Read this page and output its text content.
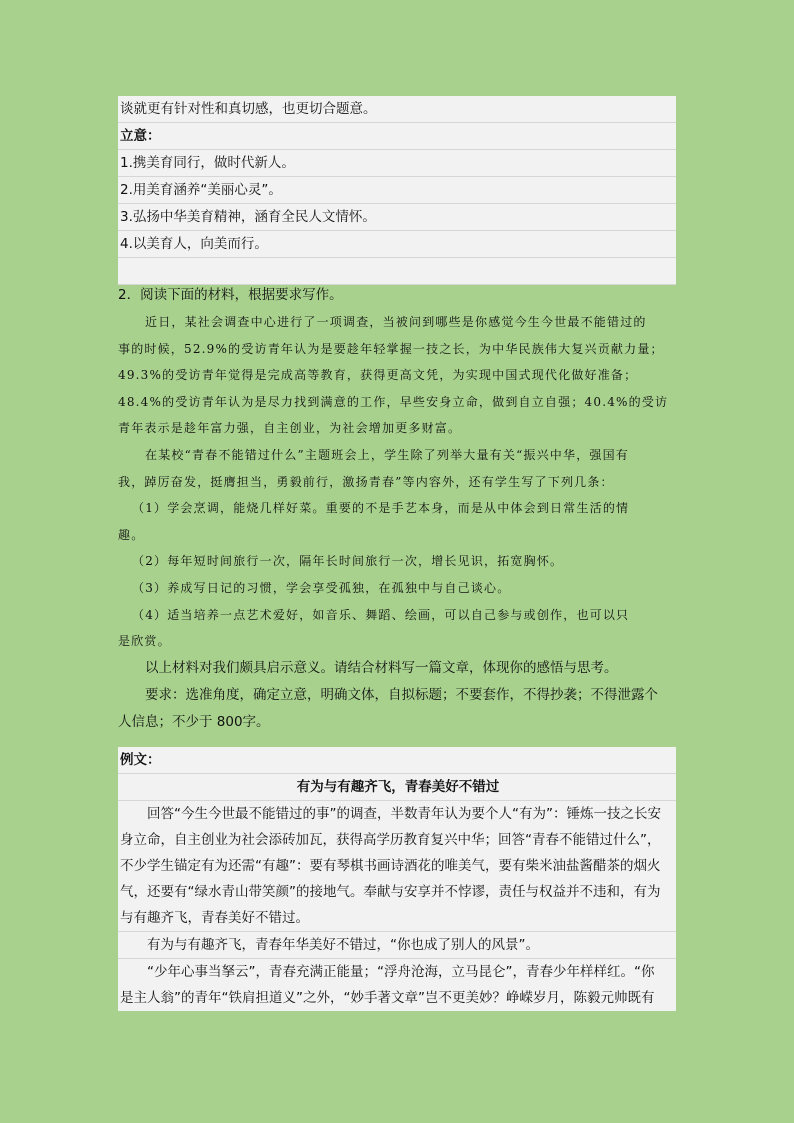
谈就更有针对性和真切感，也更切合题意。
立意：
1.携美育同行，做时代新人。
2.用美育涵养“美丽心灵”。
3.弘扬中华美育精神，涵育全民人文情怀。
4.以美育人，向美而行。
2．阅读下面的材料，根据要求写作。

近日，某社会调查中心进行了一项调查，当被问到哪些是你感觉今生今世最不能错过的

事的时候，52.9%的受访青年认为是要趁年轻掌握一技之长，为中华民族伟大复兴贡献力量；

49.3%的受访青年觉得是完成高等教育，获得更高文凭，为实现中国式现代化做好准备；

48.4%的受访青年认为是尽力找到满意的工作，早些安身立命，做到自立自强；40.4%的受访

青年表示是趁年富力强，自主创业，为社会增加更多财富。

在某校“青春不能错过什么”主题班会上，学生除了列举大量有关“振兴中华，强国有

我，踔厉奋发，挺膺担当，勇毅前行，激扬青春”等内容外，还有学生写了下列几条：

（1）学会烹调，能烧几样好菜。重要的不是手艺本身，而是从中体会到日常生活的情

趣。

（2）每年短时间旅行一次，隔年长时间旅行一次，增长见识，拓宽胸怀。

（3）养成写日记的习惯，学会享受孤独，在孤独中与自己谈心。

（4）适当培养一点艺术爱好，如音乐、舞蹈、绘画，可以自己参与或创作，也可以只

是欣赏。

以上材料对我们颇具启示意义。请结合材料写一篇文章，体现你的感悟与思考。

要求：选准角度，确定立意，明确文体，自拟标题；不要套作，不得抄袭；不得泄露个

人信息；不少于 800字。

例文：
有为与有趣齐飞，青春美好不错过
回答“今生今世最不能错过的事”的调查，半数青年认为要个人“有为”：锤炼一技之长安
身立命，自主创业为社会添砖加瓦，获得高学历教育复兴中华；回答“青春不能错过什么”，
不少学生锚定有为还需“有趣”：要有琴棋书画诗酒花的唯美气，要有柴米油盐酱醋茶的烟火
气，还要有“绿水青山带笑颜”的接地气。奉献与安享并不悖谬，责任与权益并不违和，有为
与有趣齐飞，青春美好不错过。
有为与有趣齐飞，青春年华美好不错过，“你也成了别人的风景”。
“少年心事当拏云”，青春充满正能量；“浮舟沧海，立马昆仑”，青春少年样样红。“你
是主人翁”的青年“铁肩担道义”之外，“妙手著文章”岂不更美妙？峥嵘岁月，陈毅元帅既有
